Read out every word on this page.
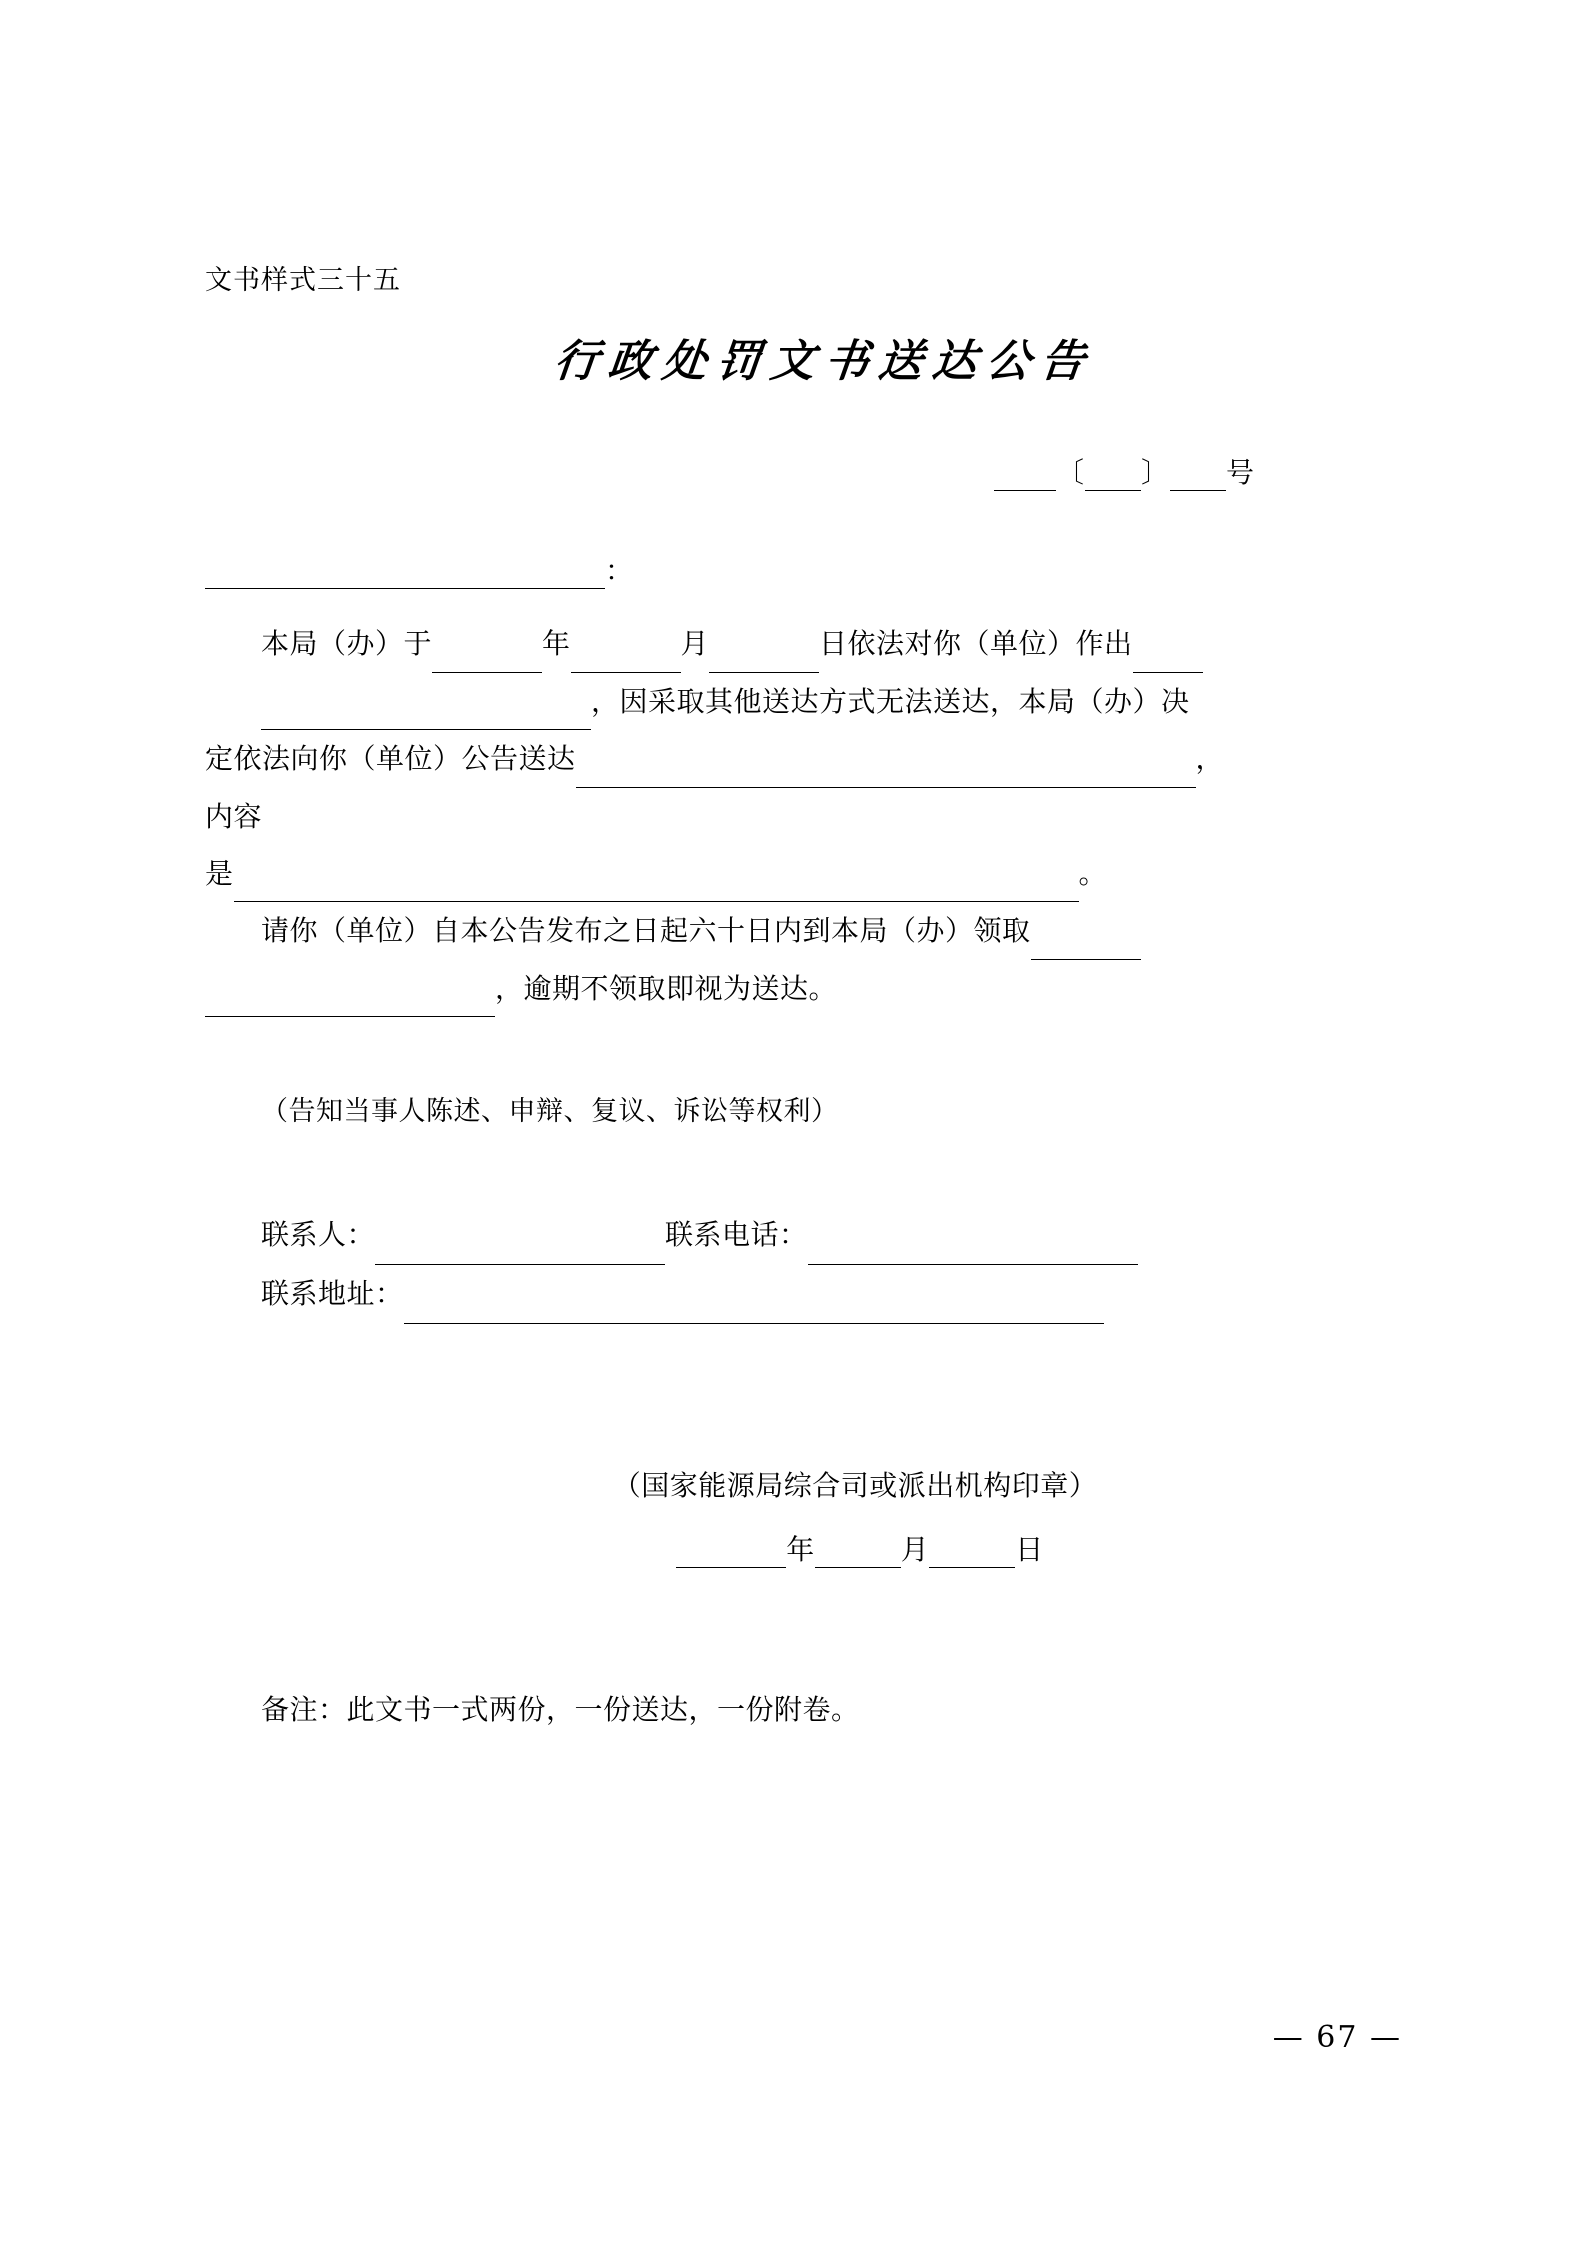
文书样式三十五
行政处罚文书送达公告
〔 〕 号
：
本局（办）于	年	月	日依法对你（单位）作出
，因采取其他送达方式无法送达，本局（办）决
定依法向你（单位）公告送达	，
内容
是	。
请你（单位）自本公告发布之日起六十日内到本局（办）领取
，逾期不领取即视为送达。
（告知当事人陈述、申辩、复议、诉讼等权利）
联系人：	联系电话：
联系地址：
（国家能源局综合司或派出机构印章）
年	月	日
备注：此文书一式两份，一份送达，一份附卷。
— 67 —
